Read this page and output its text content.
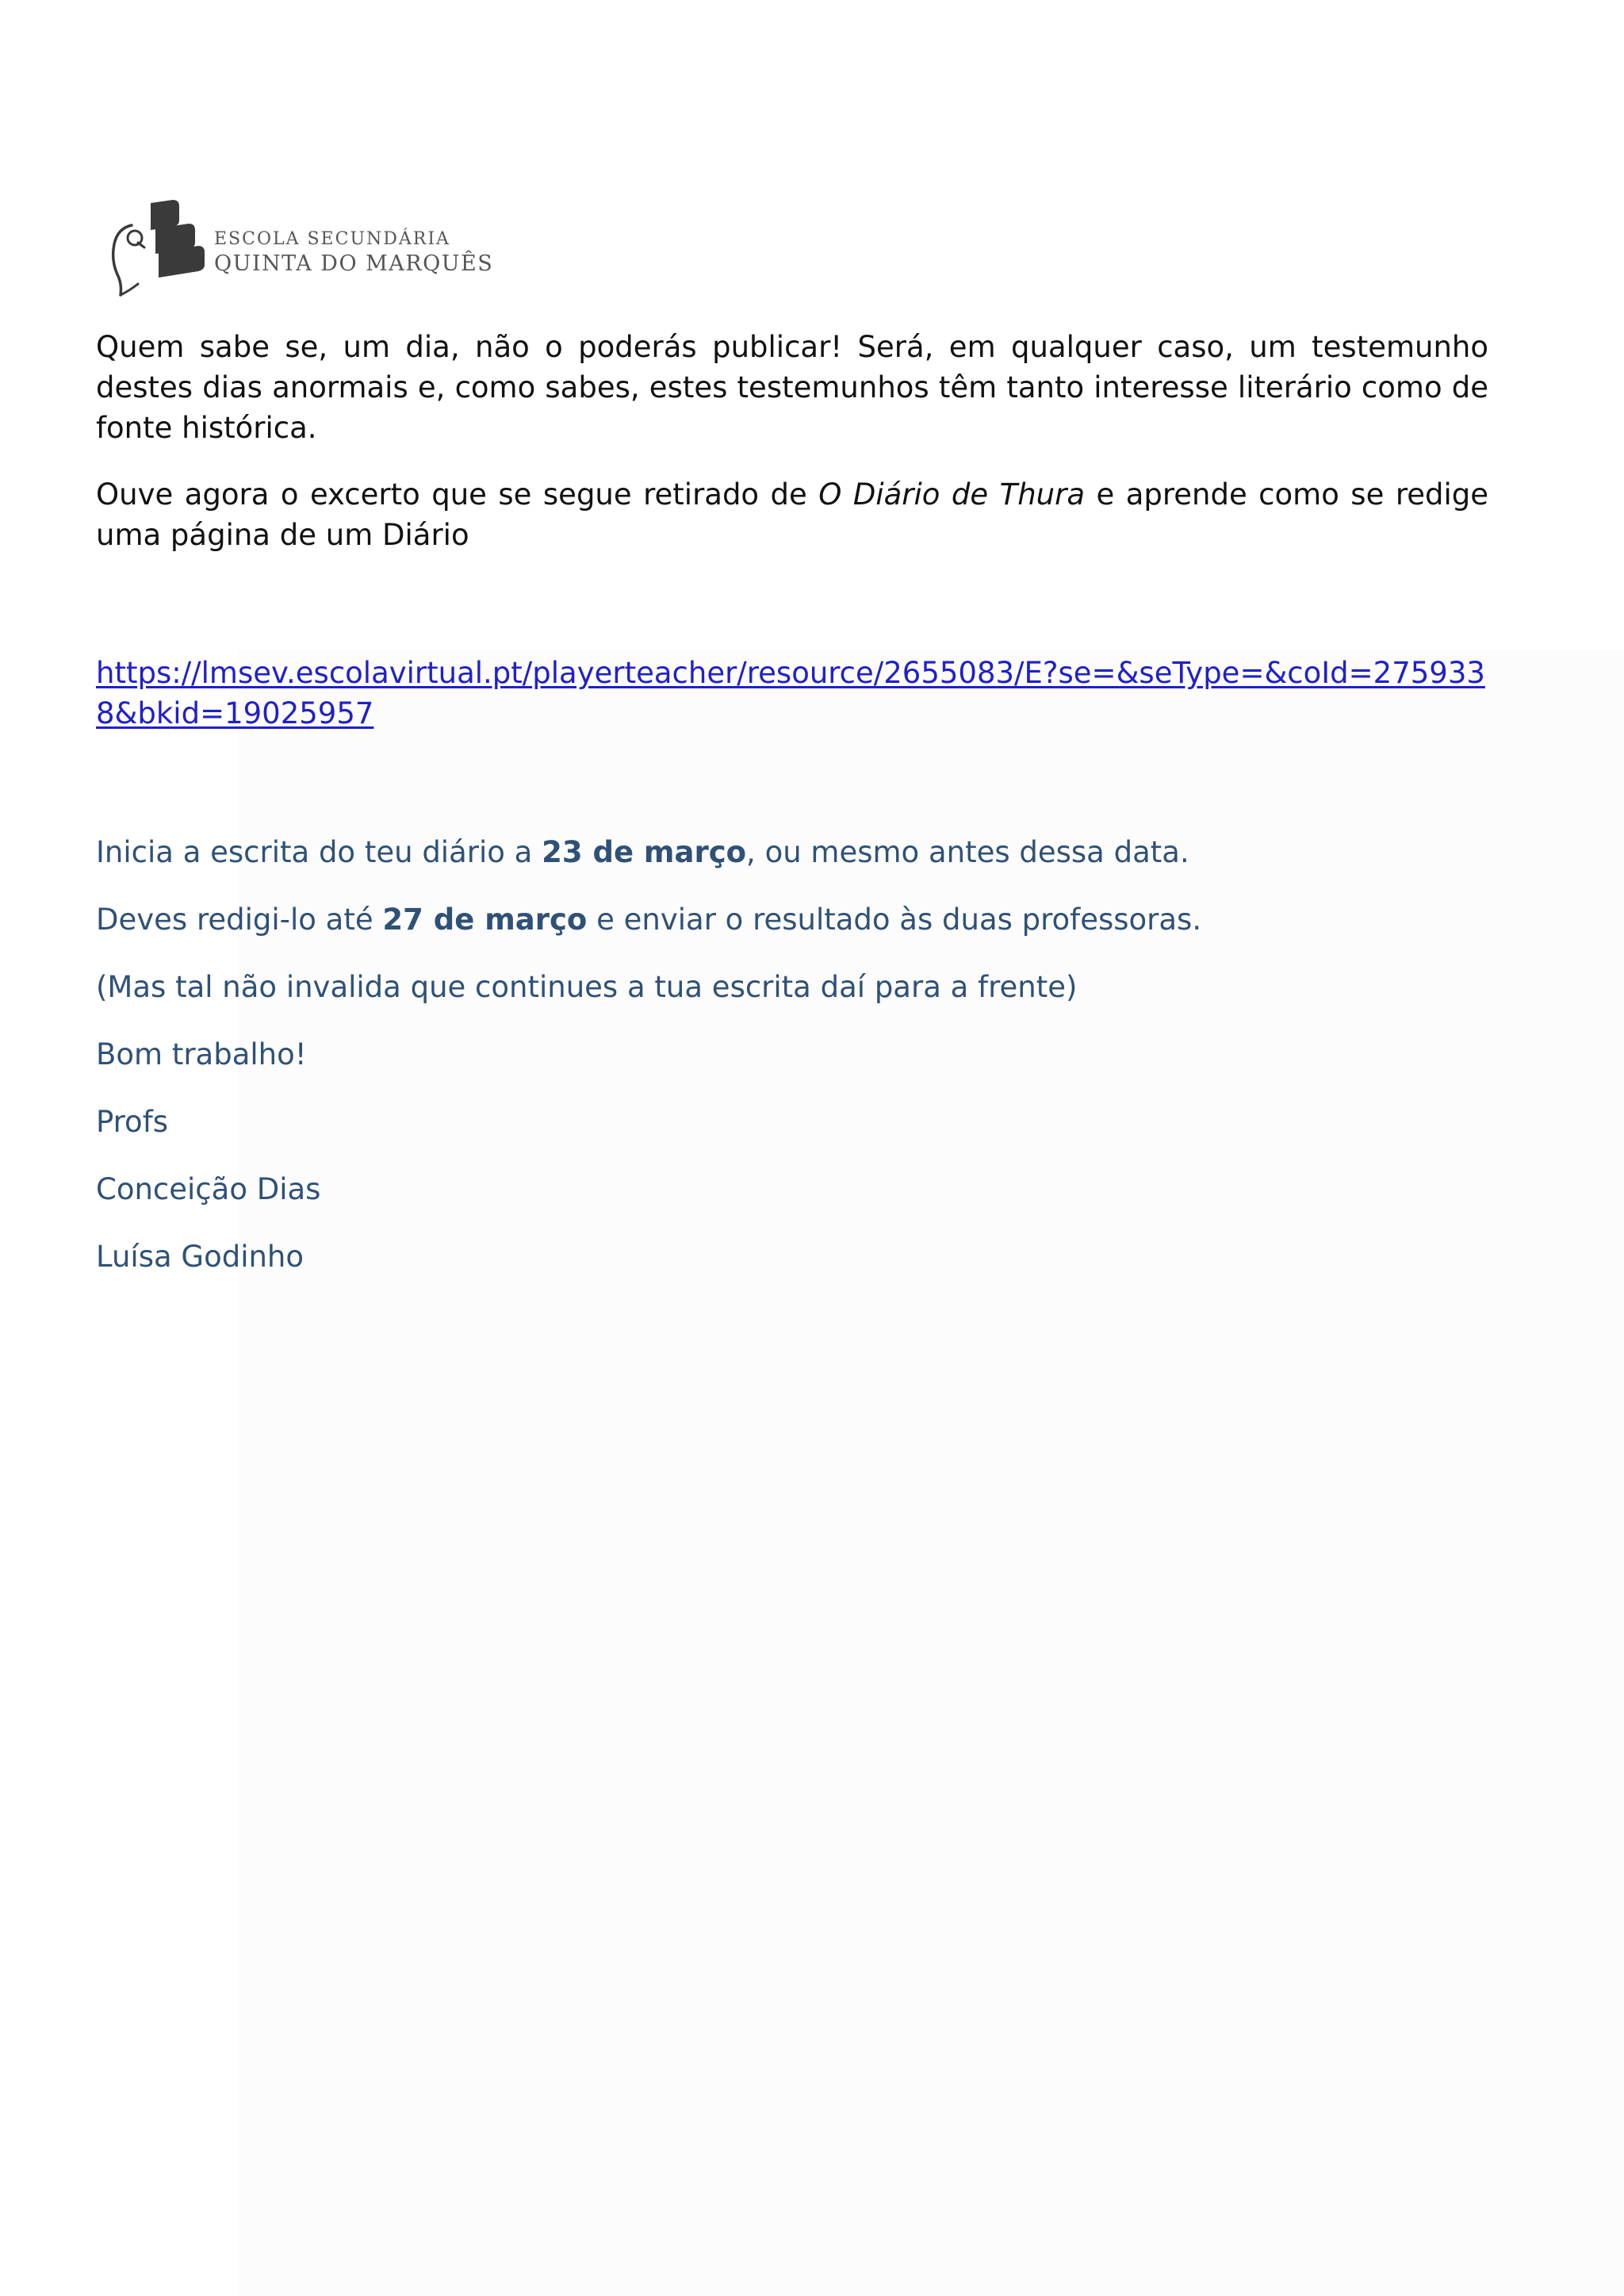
ESCOLA SECUNDÁRIA
QUINTA DO MARQUÊS

Quem sabe se, um dia, não o poderás publicar! Será, em qualquer caso, um testemunho destes dias anormais e, como sabes, estes testemunhos têm tanto interesse literário como de fonte histórica.

Ouve agora o excerto que se segue retirado de O Diário de Thura e aprende como se redige uma página de um Diário

https://lmsev.escolavirtual.pt/playerteacher/resource/2655083/E?se=&seType=&coId=2759338&bkid=19025957

Inicia a escrita do teu diário a 23 de março, ou mesmo antes dessa data.

Deves redigi-lo até 27 de março e enviar o resultado às duas professoras.

(Mas tal não invalida que continues a tua escrita daí para a frente)

Bom trabalho!

Profs

Conceição Dias

Luísa Godinho
